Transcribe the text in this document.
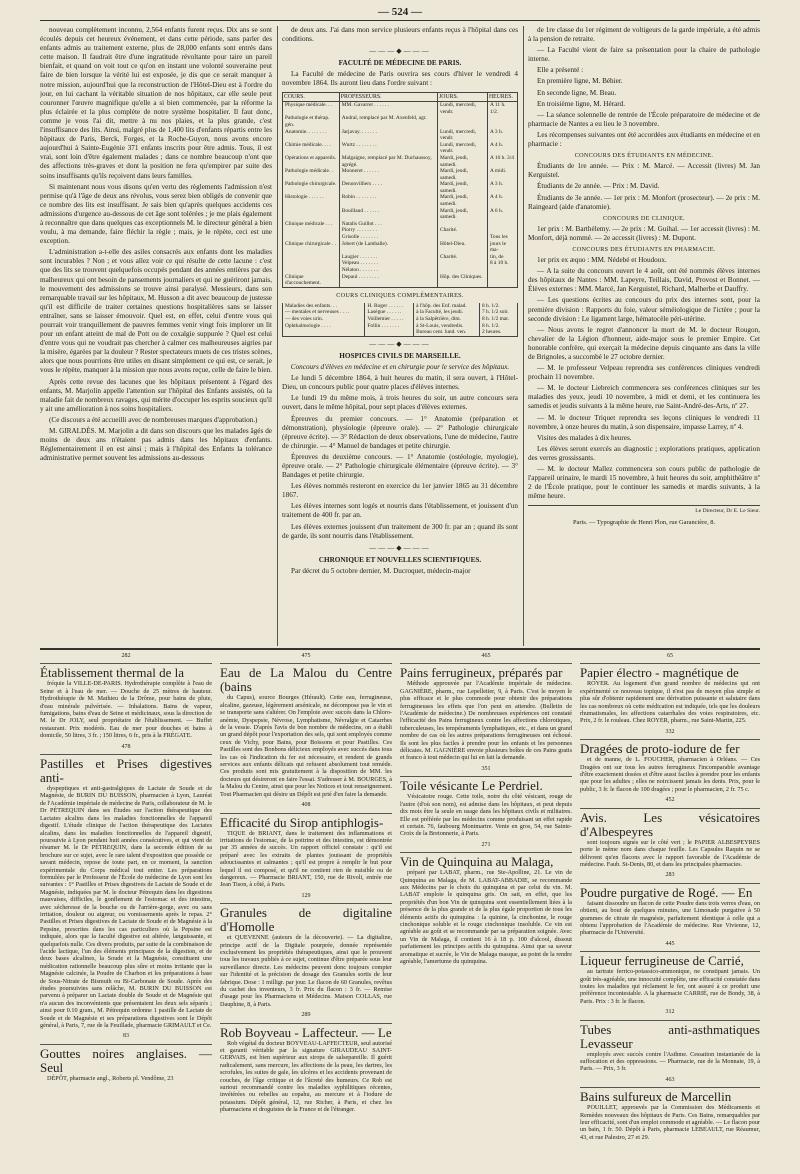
— 524 —

nouveau complètement inconnu, 2,564 enfants furent reçus. Dix ans se sont écoulés depuis cet heureux événement, et dans cette période, sans parler des enfants admis au traitement externe, plus de 28,000 enfants sont entrés dans cette maison. Il faudrait être d'une ingratitude révoltante pour taire un pareil bienfait, et quand on voit tout ce qu'on en instant une volonté souveraine peut faire de bien lorsque la vérité lui est exposée, je dis que ce serait manquer à notre mission, aujourd'hui que la reconstruction de l'Hôtel-Dieu est à l'ordre du jour, en lui cachant la véritable situation de nos hôpitaux, car elle seule peut couronner l'œuvre magnifique qu'elle a si bien commencée, par la réforme la plus éclairée et la plus complète de notre système hospitalier. Il faut donc, comme je vous l'ai dit, mettre à nu nos plaies, et la plus grande, c'est l'insuffisance des lits. Ainsi, malgré plus de 1,400 lits d'enfants répartis entre les hôpitaux de Paris, Berck, Forges, et la Roche-Guyon, nous avons encore aujourd'hui à Sainte-Eugénie 371 enfants inscrits pour être admis. Tous, il est vrai, sont loin d'être également malades ; dans ce nombre beaucoup n'ont que des affections très-graves et dont la position ne fera qu'empirer par suite des soins insuffisants qu'ils reçoivent dans leurs familles.

Si maintenant nous vous disons qu'en vertu des règlements l'admission n'est permise qu'à l'âge de deux ans révolus, vous serez bien obligés de convenir que ce nombre des lits est insuffisant. Je sais bien qu'après quelques accidents ces admissions d'urgence au-dessous de cet âge sont tolérées ; je me plais également à reconnaître que dans quelques cas exceptionnels M. le directeur général a bien voulu, à ma demande, faire fléchir la règle ; mais, je le répète, ceci est une exception.

L'administration a-t-elle des asiles consacrés aux enfants dont les maladies sont incurables ? Non ; et vous allez voir ce qui résulte de cette lacune : c'est que des lits se trouvent quelquefois occupés pendant des années entières par des malheureux qui ont besoin de pansements journaliers et qui ne guériront jamais, le mouvement des admissions se trouve ainsi paralysé. Messieurs, dans son remarquable travail sur les hôpitaux, M. Husson a dit avec beaucoup de justesse qu'il est difficile de traiter certaines questions hospitalières sans se laisser entraîner, sans se laisser émouvoir. Quel est, en effet, celui d'entre vous qui pourrait voir tranquillement de pauvres femmes venir vingt fois implorer un lit pour un enfant atteint de mal de Pott ou de coxalgie suppurée ? Quel est celui d'entre vous qui ne voudrait pas chercher à calmer ces malheureuses aigries par la misère, égarées par la douleur ? Rester spectateurs muets de ces tristes scènes, alors que nous pourrions être utiles en disant simplement ce qui est, ce serait, je vous le répète, manquer à la mission que nous avons reçue, celle de faire le bien.

Après cette revue des lacunes que les hôpitaux présentent à l'égard des enfants, M. Marjolin appelle l'attention sur l'hôpital des Enfants assistés, où la maladie fait de nombreux ravages, qui mérite d'occuper les esprits soucieux qu'il y ait une amélioration à nos soins hospitaliers.

(Ce discours a été accueilli avec de nombreuses marques d'approbation.)

M. GIRALDÈS. M. Marjolin a dit dans son discours que les malades âgés de moins de deux ans n'étaient pas admis dans les hôpitaux d'enfants. Réglementairement il en est ainsi ; mais à l'hôpital des Enfants la tolérance administrative permet souvent les admissions au-dessous

de deux ans. J'ai dans mon service plusieurs enfants reçus à l'hôpital dans ces conditions.

———◆———

FACULTÉ DE MÉDECINE DE PARIS.

La Faculté de médecine de Paris ouvrira ses cours d'hiver le vendredi 4 novembre 1864. Ils auront lieu dans l'ordre suivant :

COURS.	PROFESSEURS.	JOURS.	HEURES.
Physique médicale. . .	MM. Gavarret . . . . . .	Lundi, mercredi, vendr.	A 11 h. 1/2.
Pathologie et thérap. gén.	Andral, remplacé par M. Axenfeld, agr.		
Anatomie. . . . . . . .	Jarjavay. . . . . . .	Lundi, mercredi, vendr.	A 3 h.
Chimie médicale. . . .	Wurtz . . . . . . . .	Lundi, mercredi, vendr.	A 4 h.
Opérations et appareils.	Malgaigne, remplacé par M. Duchaussoy, agrégé.	Mardi, jeudi, samedi.	A 10 h. 3/4
Pathologie médicale. .	Monneret . . . . . .	Mardi, jeudi, samedi.	A midi.
Pathologie chirurgicale.	Denonvilliers . . . .	Mardi, jeudi, samedi.	A 3 h.
Histologie . . . . . .	Robin . . . . . . . .	Mardi, jeudi, samedi.	A 4 h.
	Bouillaud . . . . . .	Mardi, jeudi, samedi.	A 6 h.
Clinique médicale . . .	Natalis Guillot . . .		
	Piorry . . . . . . . .	Charité.	
	Grisolle . . . . . . .		Tous les
Clinique chirurgicale . .	Jobert (de Lamballe).	Hôtel-Dieu.	jours le ma-
	Laugier . . . . . . .	Charité.	tin, de
	Velpeau . . . . . . .		8 à 10 h.
	Nélaton . . . . . . .		
Clinique d'accouchement.	Depaul . . . . . . . .	Hôp. des Cliniques.	

COURS CLINIQUES COMPLÉMENTAIRES.

Maladies des enfants. . .	H. Roger . . . . . .	à l'hôp. des Enf. malad.	8 h. 1/2.
— mentales et nerveuses . . . .	Lasègue . . . . . .	à la Faculté, les jeudi.	7 h. 1/2 soir.
— des voies urin.	Voillemier . . . . .	à la Salpêtrière, dim.	8 h. 1/2 mat.
Ophthalmologie . . . .	Follin . . . . . . .	à St-Louis, vendredis.	8 h. 1/2.
		Bureau cent. lund. ven.	2 heures.
———◆———

HOSPICES CIVILS DE MARSEILLE.

Concours d'élèves en médecine et en chirurgie pour le service des hôpitaux.

Le lundi 5 décembre 1864, à huit heures du matin, il sera ouvert, à l'Hôtel-Dieu, un concours public pour quatre places d'élèves internes.

Le lundi 19 du même mois, à trois heures du soir, un autre concours sera ouvert, dans le même hôpital, pour sept places d'élèves externes.

Épreuves du premier concours. — 1° Anatomie (préparation et démonstration), physiologie (épreuve orale). — 2° Pathologie chirurgicale (épreuve écrite). — 3° Rédaction de deux observations, l'une de médecine, l'autre de chirurgie. — 4° Manuel de bandages et petite chirurgie.

Épreuves du deuxième concours. — 1° Anatomie (ostéologie, myologie), épreuve orale. — 2° Pathologie chirurgicale élémentaire (épreuve écrite). — 3° Bandages et petite chirurgie.

Les élèves nommés resteront en exercice du 1er janvier 1865 au 31 décembre 1867.

Les élèves internes sont logés et nourris dans l'établissement, et jouissent d'un traitement de 400 fr. par an.

Les élèves externes jouissent d'un traitement de 300 fr. par an ; quand ils sont de garde, ils sont nourris dans l'établissement.

———◆———

CHRONIQUE ET NOUVELLES SCIENTIFIQUES.

Par décret du 5 octobre dernier, M. Ducroquet, médecin-major

de 1re classe du 1er régiment de voltigeurs de la garde impériale, a été admis à la pension de retraite.

— La Faculté vient de faire sa présentation pour la chaire de pathologie interne.

Elle a présenté :

En première ligne, M. Béhier.

En seconde ligne, M. Beau.

En troisième ligne, M. Hérard.

— La séance solennelle de rentrée de l'École préparatoire de médecine et de pharmacie de Nantes a eu lieu le 3 novembre.

Les récompenses suivantes ont été accordées aux étudiants en médecine et en pharmacie :

CONCOURS DES ÉTUDIANTS EN MÉDECINE.

Étudiants de 1re année. — Prix : M. Marcé. — Accessit (livres) M. Jan Kerguistel.

Étudiants de 2e année. — Prix : M. David.

Étudiants de 3e année. — 1er prix : M. Monfort (prosecteur). — 2e prix : M. Raingeard (aide d'anatomie).

CONCOURS DE CLINIQUE.

1er prix : M. Barthélemy. — 2e prix : M. Guihal. — 1er accessit (livres) : M. Monfort, déjà nommé. — 2e accessit (livres) : M. Dupont.

CONCOURS DES ÉTUDIANTS EN PHARMACIE.

1er prix ex æquo : MM. Nédebé et Houdoux.

— A la suite du concours ouvert le 4 août, ont été nommés élèves internes des hôpitaux de Nantes : MM. Lapeyre, Teillais, David, Provost et Bonnet. — Élèves externes : MM. Marcé, Jan Kerguistel, Richard, Malherbe et Dauffry.

— Les questions écrites au concours du prix des internes sont, pour la première division : Rapports du foie, valeur séméiologique de l'ictère ; pour la seconde division : Le ligament large, hématocèle péri-utérine.

— Nous avons le regret d'annoncer la mort de M. le docteur Rougon, chevalier de la Légion d'honneur, aide-major sous le premier Empire. Cet honorable confrère, qui exerçait la médecine depuis cinquante ans dans la ville de Brignoles, a succombé le 27 octobre dernier.

— M. le professeur Velpeau reprendra ses conférences cliniques vendredi prochain 11 novembre.

— M. le docteur Liebreich commencera ses conférences cliniques sur les maladies des yeux, jeudi 10 novembre, à midi et demi, et les continuera les samedis et jeudis suivants à la même heure, rue Saint-André-des-Arts, nº 27.

— M. le docteur Triquet reprendra ses leçons cliniques le vendredi 11 novembre, à onze heures du matin, à son dispensaire, impasse Larrey, nº 4.

Visites des malades à dix heures.

Les élèves seront exercés au diagnostic ; explorations pratiques, application des verres grossissants.

— M. le docteur Mallez commencera son cours public de pathologie de l'appareil urinaire, le mardi 15 novembre, à huit heures du soir, amphithéâtre nº 2 de l'École pratique, pour le continuer les samedis et mardis suivants, à la même heure.

Le Directeur, Dr E. Le Sieur.

Paris. — Typographie de Henri Plon, rue Garancière, 8.

282
Établissement thermal de la

fréquie la VILLE-DE-PARIS. Hydrothérapie complète à l'eau de Seine et à l'eau de mer. — Douche de 25 mètres de hauteur. Hydrothérapie de M. Mathieu de la Drôme, pour bains de pluie, d'eau minérale pulvérisée. — Inhalations. Bains de vapeur, fumigations, bains d'eau de Seine et médicinaux, sous la direction de M. le Dr JOLY, seul propriétaire de l'établissement. — Buffet restaurant. Prix modérés. Eau de mer pour douches et bains à domicile, 50 litres, 3 fr. ; 150 litres, 6 fr., pris à la FRÉGATE.

478
Pastilles et Prises digestives anti-

dyspeptiques et anti-gastralgiques de Lactate de Soude et de Magnésie, de BURIN DU BUISSON, pharmacien à Lyon, Lauréat de l'Académie impériale de médecine de Paris, collaborateur de M. le Dr PÉTREQUIN dans ses Études sur l'action thérapeutique des Lactates alcalins dans les maladies fonctionnelles de l'appareil digestif. L'étude clinique de l'action thérapeutique des Lactates alcalins, dans les maladies fonctionnelles de l'appareil digestif, poursuivie à Lyon pendant huit années consécutives, et qui vient de résumer M. le Dr PÉTREQUIN, dans la seconde édition de sa brochure sur ce sujet, avec le rare talent d'exposition que possède ce savant médecin, repose de toute part, en ce moment, la sanction expérimentale du Corps médical tout entier. Les préparations formulées par le Professeur de l'École de médecine de Lyon sont les suivantes : 1° Pastilles et Prises digestives de Lactate de Soude et de Magnésie, indiquées par M. le docteur Pétrequin dans les digestions mauvaises, difficiles, le gonflement de l'estomac et des intestins, avec sécheresse de la bouche ou de l'arrière-gorge, avec ou sans irritation, douleur ou aigreur, ou vomissements après le repas. 2° Pastilles et Prises digestives de Lactate de Soude et de Magnésie à la Pepsine, prescrites dans les cas particuliers où la Pepsine est indiquée, alors que la faculté digestive est altérée, languissante, et quelquefois nulle. Ces divers produits, par suite de la combinaison de l'acide lactique, l'un des éléments principaux de la digestion, et de deux bases alcalines, la Soude et la Magnésie, constituent une médication rationnelle beaucoup plus sûre et moins irritante que la Magnésie calcinée, la Poudre de Charbon et les préparations à base de Sous-Nitrate de Bismuth ou Bi-Carbonate de Soude. Après des études poursuivies sans relâche, M. BURIN DU BUISSON est parvenu à préparer un Lactate double de Soude et de Magnésie qui n'a aucun des inconvénients que présentaient les deux sels séparés ; ainsi pour 0.10 gram., M. Pétrequin ordonne 1 pastille de Lactate de Soude et de Magnésie et ses préparations digestives sont le Dépôt général, à Paris, 7, rue de la Feuillade, pharmacie GRIMAULT et Ce.

83
Gouttes noires anglaises. — Seul

DÉPÔT, pharmacie angl., Roberts pl. Vendôme, 23

475
Eau de La Malou du Centre (bains

du Capus), source Bourges (Hérault). Cette eau, ferrugineuse, alcaline, gazeuse, légèrement arsénicale, ne décompose pas le vin et se transporte sans s'altérer. On l'emploie avec succès dans la Chloro-anémie, Dyspepsie, Névrose, Lymphatisme, Névralgie et Catarrhes de la vessie. D'après l'avis de bon nombre de médecins, on a établi un grand dépôt pour l'exportation des sels, qui sont employés comme ceux de Vichy, pour Bains, pour Boissons et pour Pastilles. Ces Pastilles sont des Bonbons délicieux employés avec succès dans tous les cas où l'indication du fer est nécessaire, et rendent de grands services aux enfants délicats qui refusent absolument tout remède. Ces produits sont mis gratuitement à la disposition de MM. les docteurs qui désireront en faire l'essai. S'adresser à M. BOURGES, à la Malou du Centre, ainsi que pour les Notices et tout renseignement. Tout Pharmacien qui désire un Dépôt est prié d'en faire la demande.

408
Efficacité du Sirop antiphlogis-

TIQUE de BRIANT, dans le traitement des inflammations et irritations de l'estomac, de la poitrine et des intestins, est démontrée par 35 années de succès. Un rapport officiel constate : qu'il est préparé avec les extraits de plantes jouissant de propriétés adoucissantes et calmantes ; qu'il est propre à remplir le but pour lequel il est composé, et qu'il ne contient rien de nuisible ou de dangereux. — Pharmacie BRIANT, 150, rue de Rivoli, entrée rue Jean Tison, à côté, à Paris.

129
Granules de digitaline d'Homolle

et QUEVENNE (auteurs de la découverte). — La digitaline, principe actif de la Digitale pourprée, donnée représentée exclusivement les propriétés thérapeutiques, ainsi que le prouvent tous les travaux publiés à ce sujet, continue d'être préparée sous leur surveillance directe. Les médecins peuvent donc toujours compter sur l'identité et la précision de dosage des Granules sortis de leur fabrique. Dose : 1 milligr. par jour. Le flacon de 60 Granules, revêtus du cachet des inventeurs, 3 fr. Prix du flacon : 3 fr. — Remise d'usage pour les Pharmaciens et Médecins. Maison COLLAS, rue Dauphine, 8, à Paris.

289
Rob Boyveau - Laffecteur. — Le

Rob végétal du docteur BOYVEAU-LAFFECTEUR, seul autorisé et garanti véritable par la signature GIRAUDEAU SAINT-GERVAIS, est bien supérieur aux sirops de salsepareille. Il guérit radicalement, sans mercure, les affections de la peau, les dartres, les scrofules, les suites de gale, les ulcères et les accidents provenant de couches, de l'âge critique et de l'âcreté des humeurs. Ce Rob est surtout recommandé contre les maladies syphilitiques récentes, invétérées ou rebelles au copahu, au mercure et à l'iodure de potassium. Dépôt général, 12, rue Richer, à Paris, et chez les pharmaciens et droguistes de la France et de l'étranger.

465
Pains ferrugineux, préparés par

Méthode approuvée par l'Académie impériale de médecine. GAGNIÈRE, pharm., rue Lepelletier, 9, à Paris. C'est le moyen le plus efficace et le plus commode pour obtenir des préparations ferrugineuses les effets que l'on peut en attendre. (Bulletin de l'Académie de médecine.) De nombreuses expériences ont constaté l'efficacité des Pains ferrugineux contre les affections chlorotiques, tuberculeuses, les tempéraments lymphatiques, etc., et dans un grand nombre de cas où les autres préparations ferrugineuses ont échoué. Ils sont les plus faciles à prendre pour les enfants et les personnes délicates. M. GAGNIÈRE envoie plusieurs boîtes de ces Pains gratis et franco à tout médecin qui lui en fait la demande.

351
Toile vésicante Le Perdriel.

Vésicatoire rouge. Cette toile, noire du côté vésicant, rouge de l'autre (d'où son nom), est admise dans les hôpitaux, et peut depuis dix mois être la seule en usage dans les hôpitaux civils et militaires. Elle est préférée par les médecins comme produisant un effet rapide et certain. 76, faubourg Montmartre. Vente en gros, 54, rue Sainte-Croix de la Bretonnerie, à Paris.

271
Vin de Quinquina au Malaga,

préparé par LABAT, pharm., rue Ste-Apolline, 21. Le vin de Quinquina au Malaga, de M. LABAT-ABBADIE, se recommande aux Médecins par le choix du quinquina et par celui du vin. M. LABAT emploie le quinquina gris. On sait, en effet, que les propriétés d'un bon Vin de quinquina sont essentiellement liées à la présence de la plus grande et de la plus égale proportion de tous les éléments actifs du quinquina : la quinine, la cinchonine, le rouge cinchonique soluble et le rouge cinchonique insoluble. Ce vin est agréable au goût et se recommande par sa préparation soignée. Avec un Vin de Malaga, il contient 16 à 18 p. 100 d'alcool, dissout parfaitement les principes actifs du quinquina. Ainsi que sa saveur aromatique et sucrée, le Vin de Malaga masque, au point de la rendre agréable, l'amertume du quinquina.

65
Papier électro - magnétique de

ROYER. Au logement d'un grand nombre de médecins qui ont expérimenté ce nouveau topique, il n'est pas de moyen plus simple et plus sûr d'obtenir rapidement une dérivation puissante et salutaire dans les cas nombreux où cette médication est indiquée, tels que les douleurs rhumatismales, les affections catarrhales des voies respiratoires, etc. Prix, 2 fr. le rouleau. Chez ROYER, pharm., rue Saint-Martin, 225.

332
Dragées de proto-iodure de fer

et de manne, de L. FOUCHER, pharmacien à Orléans. — Ces Dragées ont sur tous les autres ferrugineux l'incomparable avantage d'être exactement dosées et d'être aussi faciles à prendre pour les enfants que pour les adultes ; elles ne noircissent jamais les dents. Prix, pour le public, 3 fr. le flacon de 100 dragées ; pour le pharmacien, 2 fr. 75 c.

452
Avis. Les vésicatoires d'Albespeyres

sont toujours signés sur le côté vert ; le PAPIER ALBESPEYRES porte le même nom dans chaque feuille. Les Capsules Raquin ne se délivrent qu'en flacons avec le rapport favorable de l'Académie de médecine. Faub. St-Denis, 80, et dans les principales pharmacies.

283
Poudre purgative de Rogé. — En

faisant dissoudre un flacon de cette Poudre dans trois verres d'eau, on obtient, au bout de quelques minutes, une Limonade purgative à 50 grammes de citrate de magnésie, parfaitement identique à celle qui a obtenu l'approbation de l'Académie de médecine. Rue Vivienne, 12, pharmacie de l'Université.

445
Liqueur ferrugineuse de Carrié,

au tartrate ferrico-potassico-ammonique, ne constipant jamais. Un goût très-agréable, une innocuité complète, une efficacité constatée dans toutes les maladies qui réclament le fer, ont assuré à ce produit une préférence incontestable. A la pharmacie CARRIÉ, rue de Bondy, 38, à Paris. Prix : 3 fr. le flacon.

312
Tubes anti-asthmatiques Levasseur

employés avec succès contre l'Asthme. Cessation instantanée de la suffocation et des oppressions. — Pharmacie, rue de la Monnaie, 19, à Paris. — Prix, 3 fr.

463
Bains sulfureux de Marcellin

POUILLET, approuvés par la Commission des Médicaments et Remèdes nouveaux des hôpitaux de Paris. Ces Bains, remarquables par leur efficacité, sont d'un emploi commode et agréable. — Le flacon pour un bain, 1 fr. 50. Dépôt à Paris, pharmacie LEBEAULT, rue Réaumur, 43, et rue Palestro, 27 et 29.
